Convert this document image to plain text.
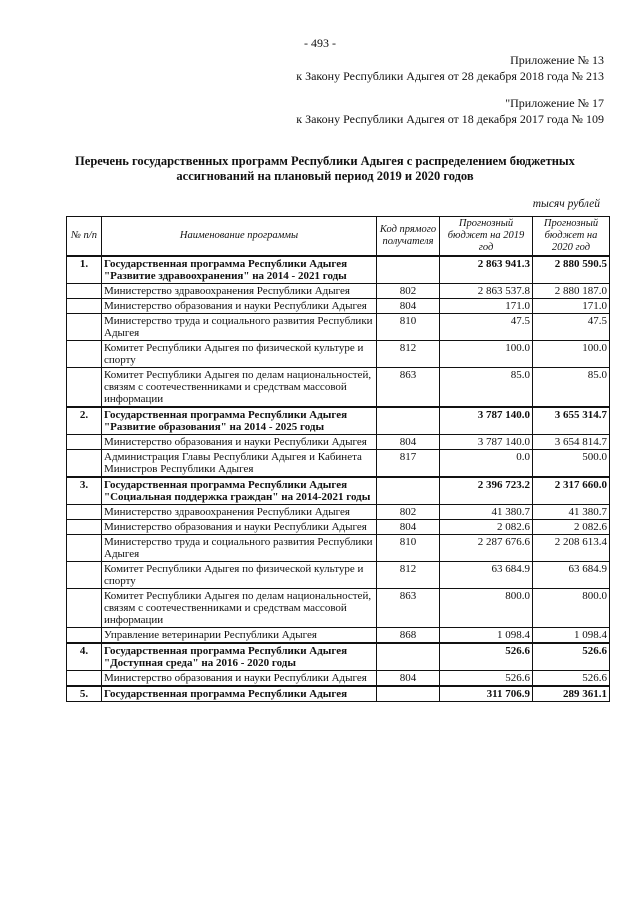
- 493 -
Приложение № 13
к Закону Республики Адыгея от 28 декабря 2018 года № 213
"Приложение № 17
к Закону Республики Адыгея от 18 декабря 2017 года № 109
Перечень государственных программ Республики Адыгея с распределением бюджетных ассигнований на плановый период 2019 и 2020 годов
тысяч рублей
№ п/п	Наименование программы	Код прямого получателя	Прогнозный бюджет на 2019 год	Прогнозный бюджет на 2020 год
1.	Государственная программа Республики Адыгея "Развитие здравоохранения" на 2014 - 2021 годы		2 863 941.3	2 880 590.5
	Министерство здравоохранения Республики Адыгея	802	2 863 537.8	2 880 187.0
	Министерство образования и науки Республики Адыгея	804	171.0	171.0
	Министерство труда и социального развития Республики Адыгея	810	47.5	47.5
	Комитет Республики Адыгея по физической культуре и спорту	812	100.0	100.0
	Комитет Республики Адыгея по делам национальностей, связям с соотечественниками и средствам массовой информации	863	85.0	85.0
2.	Государственная программа Республики Адыгея "Развитие образования" на 2014 - 2025 годы		3 787 140.0	3 655 314.7
	Министерство образования и науки Республики Адыгея	804	3 787 140.0	3 654 814.7
	Администрация Главы Республики Адыгея и Кабинета Министров Республики Адыгея	817	0.0	500.0
3.	Государственная программа Республики Адыгея "Социальная поддержка граждан" на 2014-2021 годы		2 396 723.2	2 317 660.0
	Министерство здравоохранения Республики Адыгея	802	41 380.7	41 380.7
	Министерство образования и науки Республики Адыгея	804	2 082.6	2 082.6
	Министерство труда и социального развития Республики Адыгея	810	2 287 676.6	2 208 613.4
	Комитет Республики Адыгея по физической культуре и спорту	812	63 684.9	63 684.9
	Комитет Республики Адыгея по делам национальностей, связям с соотечественниками и средствам массовой информации	863	800.0	800.0
	Управление ветеринарии Республики Адыгея	868	1 098.4	1 098.4
4.	Государственная программа Республики Адыгея "Доступная среда" на 2016 - 2020 годы		526.6	526.6
	Министерство образования и науки Республики Адыгея	804	526.6	526.6
5.	Государственная программа Республики Адыгея		311 706.9	289 361.1
